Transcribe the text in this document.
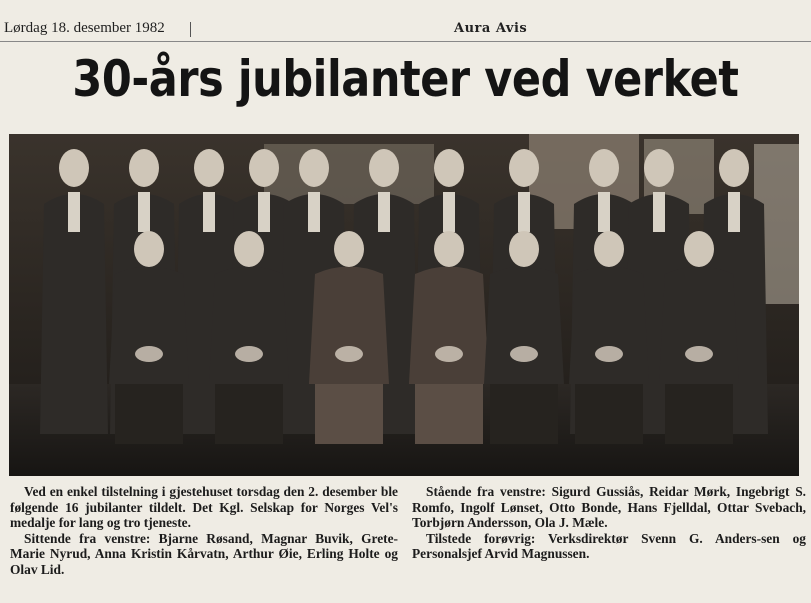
Lørdag 18. desember 1982	Aura Avis
30-års jubilanter ved verket

Ved en enkel tilstelning i gjestehuset torsdag den 2. desember ble følgende 16 jubilanter tildelt. Det Kgl. Selskap for Norges Vel's medalje for lang og tro tjeneste.

Sittende fra venstre: Bjarne Røsand, Magnar Buvik, Grete-Marie Nyrud, Anna Kristin Kårvatn, Arthur Øie, Erling Holte og Olav Lid.

Stående fra venstre: Sigurd Gussiås, Reidar Mørk, Ingebrigt S. Romfo, Ingolf Lønset, Otto Bonde, Hans Fjelldal, Ottar Svebach, Torbjørn Andersson, Ola J. Mæle.

Tilstede forøvrig: Verksdirektør Svenn G. Anders-sen og Personalsjef Arvid Magnussen.
